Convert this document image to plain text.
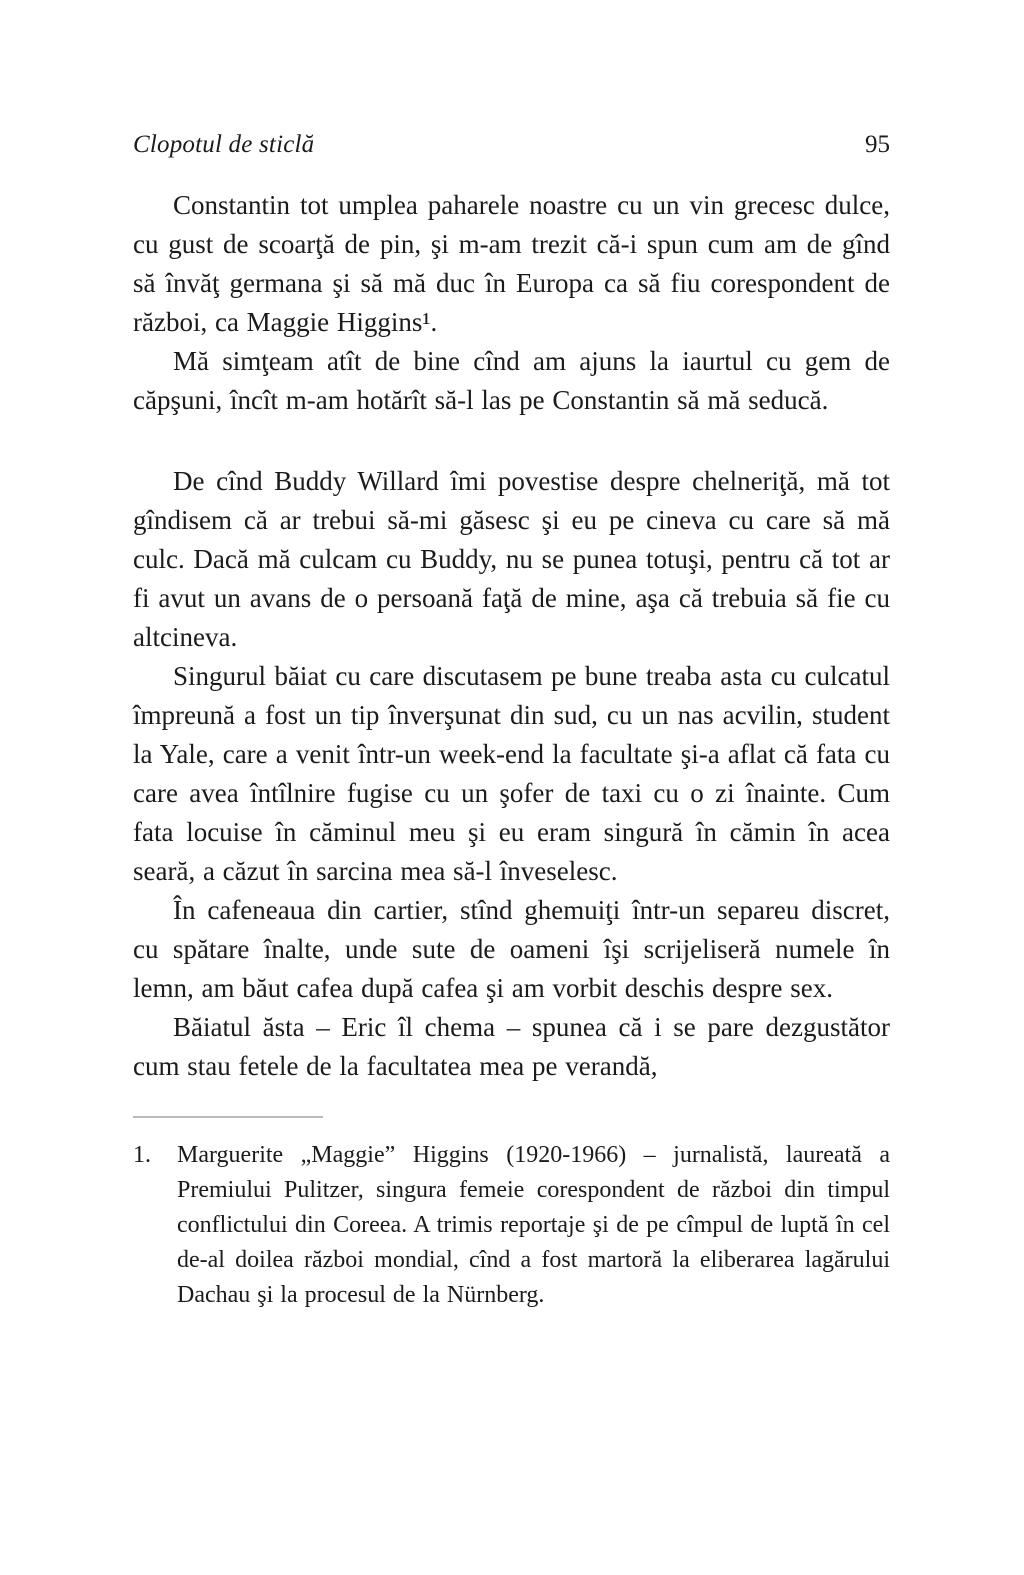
Clopotul de sticlă	95

Constantin tot umplea paharele noastre cu un vin grecesc dulce, cu gust de scoarţă de pin, şi m-am trezit că-i spun cum am de gînd să învăţ germana şi să mă duc în Europa ca să fiu corespondent de război, ca Maggie Higgins¹.

Mă simţeam atît de bine cînd am ajuns la iaurtul cu gem de căpşuni, încît m-am hotărît să-l las pe Constantin să mă seducă.

De cînd Buddy Willard îmi povestise despre chelneriţă, mă tot gîndisem că ar trebui să-mi găsesc şi eu pe cineva cu care să mă culc. Dacă mă culcam cu Buddy, nu se punea totuşi, pentru că tot ar fi avut un avans de o persoană faţă de mine, aşa că trebuia să fie cu altcineva.

Singurul băiat cu care discutasem pe bune treaba asta cu culcatul împreună a fost un tip înverşunat din sud, cu un nas acvilin, student la Yale, care a venit într-un week-end la facultate şi-a aflat că fata cu care avea întîlnire fugise cu un şofer de taxi cu o zi înainte. Cum fata locuise în căminul meu şi eu eram singură în cămin în acea seară, a căzut în sarcina mea să-l înveselesc.

În cafeneaua din cartier, stînd ghemuiţi într-un separeu discret, cu spătare înalte, unde sute de oameni îşi scrijeliseră numele în lemn, am băut cafea după cafea şi am vorbit deschis despre sex.

Băiatul ăsta – Eric îl chema – spunea că i se pare dezgustător cum stau fetele de la facultatea mea pe verandă,

1.	Marguerite „Maggie” Higgins (1920-1966) – jurnalistă, laureată a Premiului Pulitzer, singura femeie corespondent de război din timpul conflictului din Coreea. A trimis reportaje şi de pe cîmpul de luptă în cel de-al doilea război mondial, cînd a fost martoră la eliberarea lagărului Dachau şi la procesul de la Nürnberg.
